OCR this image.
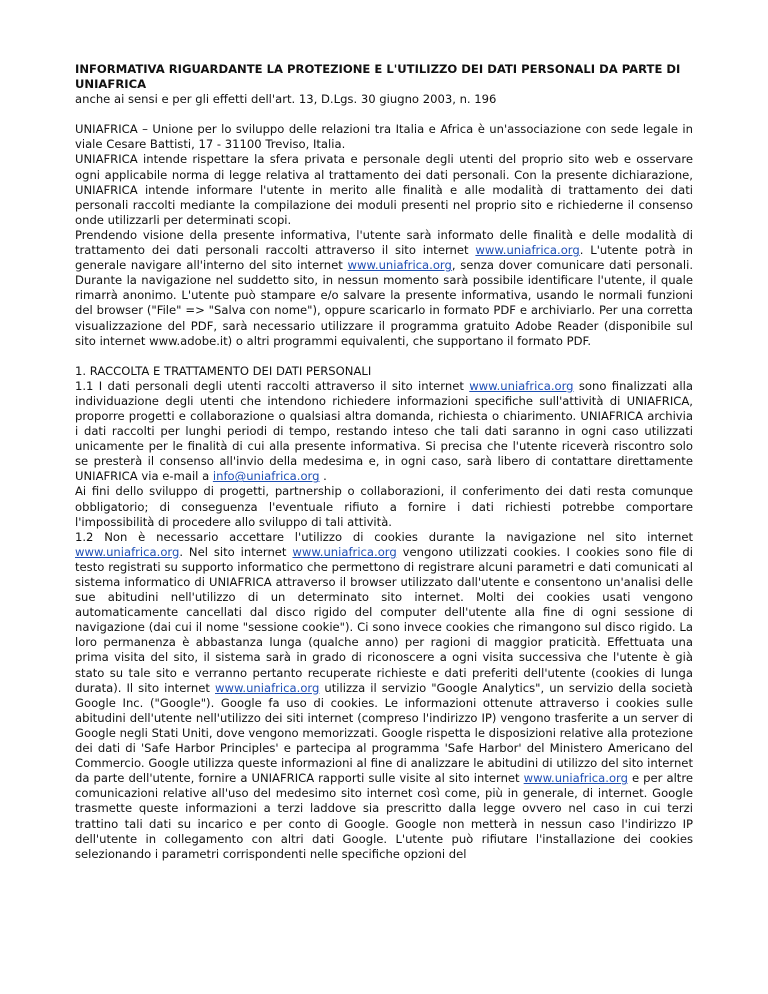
INFORMATIVA RIGUARDANTE LA PROTEZIONE E L'UTILIZZO DEI DATI PERSONALI DA PARTE DI UNIAFRICA

anche ai sensi e per gli effetti dell'art. 13, D.Lgs. 30 giugno 2003, n. 196

UNIAFRICA – Unione per lo sviluppo delle relazioni tra Italia e Africa è un'associazione con sede legale in viale Cesare Battisti, 17 - 31100 Treviso, Italia.

UNIAFRICA intende rispettare la sfera privata e personale degli utenti del proprio sito web e osservare ogni applicabile norma di legge relativa al trattamento dei dati personali. Con la presente dichiarazione, UNIAFRICA intende informare l'utente in merito alle finalità e alle modalità di trattamento dei dati personali raccolti mediante la compilazione dei moduli presenti nel proprio sito e richiederne il consenso onde utilizzarli per determinati scopi.

Prendendo visione della presente informativa, l'utente sarà informato delle finalità e delle modalità di trattamento dei dati personali raccolti attraverso il sito internet www.uniafrica.org. L'utente potrà in generale navigare all'interno del sito internet www.uniafrica.org, senza dover comunicare dati personali. Durante la navigazione nel suddetto sito, in nessun momento sarà possibile identificare l'utente, il quale rimarrà anonimo. L'utente può stampare e/o salvare la presente informativa, usando le normali funzioni del browser ("File" => "Salva con nome"), oppure scaricarlo in formato PDF e archiviarlo. Per una corretta visualizzazione del PDF, sarà necessario utilizzare il programma gratuito Adobe Reader (disponibile sul sito internet www.adobe.it) o altri programmi equivalenti, che supportano il formato PDF.

1. RACCOLTA E TRATTAMENTO DEI DATI PERSONALI

1.1 I dati personali degli utenti raccolti attraverso il sito internet www.uniafrica.org sono finalizzati alla individuazione degli utenti che intendono richiedere informazioni specifiche sull'attività di UNIAFRICA, proporre progetti e collaborazione o qualsiasi altra domanda, richiesta o chiarimento. UNIAFRICA archivia i dati raccolti per lunghi periodi di tempo, restando inteso che tali dati saranno in ogni caso utilizzati unicamente per le finalità di cui alla presente informativa. Si precisa che l'utente riceverà riscontro solo se presterà il consenso all'invio della medesima e, in ogni caso, sarà libero di contattare direttamente UNIAFRICA via e-mail a info@uniafrica.org .

Ai fini dello sviluppo di progetti, partnership o collaborazioni, il conferimento dei dati resta comunque obbligatorio; di conseguenza l'eventuale rifiuto a fornire i dati richiesti potrebbe comportare l'impossibilità di procedere allo sviluppo di tali attività.

1.2 Non è necessario accettare l'utilizzo di cookies durante la navigazione nel sito internet www.uniafrica.org. Nel sito internet www.uniafrica.org vengono utilizzati cookies. I cookies sono file di testo registrati su supporto informatico che permettono di registrare alcuni parametri e dati comunicati al sistema informatico di UNIAFRICA attraverso il browser utilizzato dall'utente e consentono un'analisi delle sue abitudini nell'utilizzo di un determinato sito internet. Molti dei cookies usati vengono automaticamente cancellati dal disco rigido del computer dell'utente alla fine di ogni sessione di navigazione (dai cui il nome "sessione cookie"). Ci sono invece cookies che rimangono sul disco rigido. La loro permanenza è abbastanza lunga (qualche anno) per ragioni di maggior praticità. Effettuata una prima visita del sito, il sistema sarà in grado di riconoscere a ogni visita successiva che l'utente è già stato su tale sito e verranno pertanto recuperate richieste e dati preferiti dell'utente (cookies di lunga durata). Il sito internet www.uniafrica.org utilizza il servizio "Google Analytics", un servizio della società Google Inc. ("Google"). Google fa uso di cookies. Le informazioni ottenute attraverso i cookies sulle abitudini dell'utente nell'utilizzo dei siti internet (compreso l'indirizzo IP) vengono trasferite a un server di Google negli Stati Uniti, dove vengono memorizzati. Google rispetta le disposizioni relative alla protezione dei dati di 'Safe Harbor Principles' e partecipa al programma 'Safe Harbor' del Ministero Americano del Commercio. Google utilizza queste informazioni al fine di analizzare le abitudini di utilizzo del sito internet da parte dell'utente, fornire a UNIAFRICA rapporti sulle visite al sito internet www.uniafrica.org e per altre comunicazioni relative all'uso del medesimo sito internet così come, più in generale, di internet. Google trasmette queste informazioni a terzi laddove sia prescritto dalla legge ovvero nel caso in cui terzi trattino tali dati su incarico e per conto di Google. Google non metterà in nessun caso l'indirizzo IP dell'utente in collegamento con altri dati Google. L'utente può rifiutare l'installazione dei cookies selezionando i parametri corrispondenti nelle specifiche opzioni del
